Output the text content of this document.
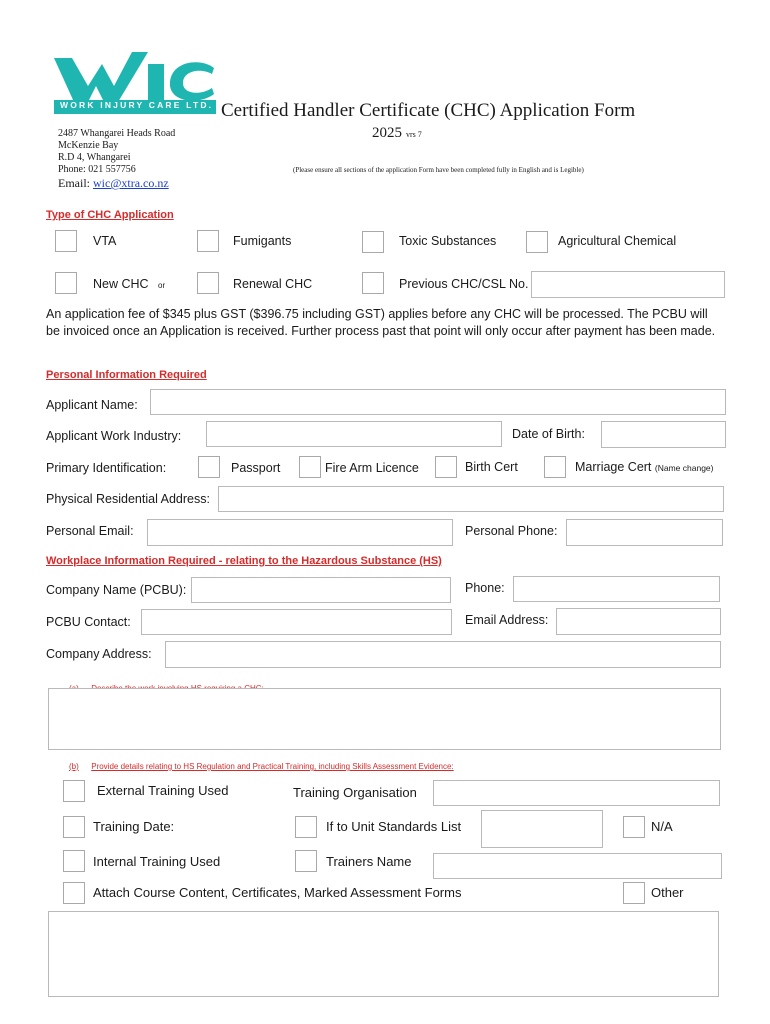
WORK INJURY CARE LTD. Certified Handler Certificate (CHC) Application Form
2025 vrs 7
2487 Whangarei Heads Road
McKenzie Bay
R.D 4, Whangarei
Phone: 021 557756
Email: wic@xtra.co.nz
(Please ensure all sections of the application Form have been completed fully in English and is Legible)
Type of CHC Application
VTA	Fumigants	Toxic Substances	Agricultural Chemical
New CHC or	Renewal CHC	Previous CHC/CSL No.
An application fee of $345 plus GST ($396.75 including GST) applies before any CHC will be processed. The PCBU will be invoiced once an Application is received. Further process past that point will only occur after payment has been made.
Personal Information Required
Applicant Name:
Applicant Work Industry:	Date of Birth:
Primary Identification:	Passport	Fire Arm Licence	Birth Cert	Marriage Cert (Name change)
Physical Residential Address:
Personal Email:	Personal Phone:
Workplace Information Required - relating to the Hazardous Substance (HS)
Company Name (PCBU):	Phone:
PCBU Contact:	Email Address:
Company Address:
(b) Provide details relating to HS Regulation and Practical Training, including Skills Assessment Evidence:
External Training Used	Training Organisation
Training Date:	If to Unit Standards List	N/A
Internal Training Used	Trainers Name
Attach Course Content, Certificates, Marked Assessment Forms	Other
